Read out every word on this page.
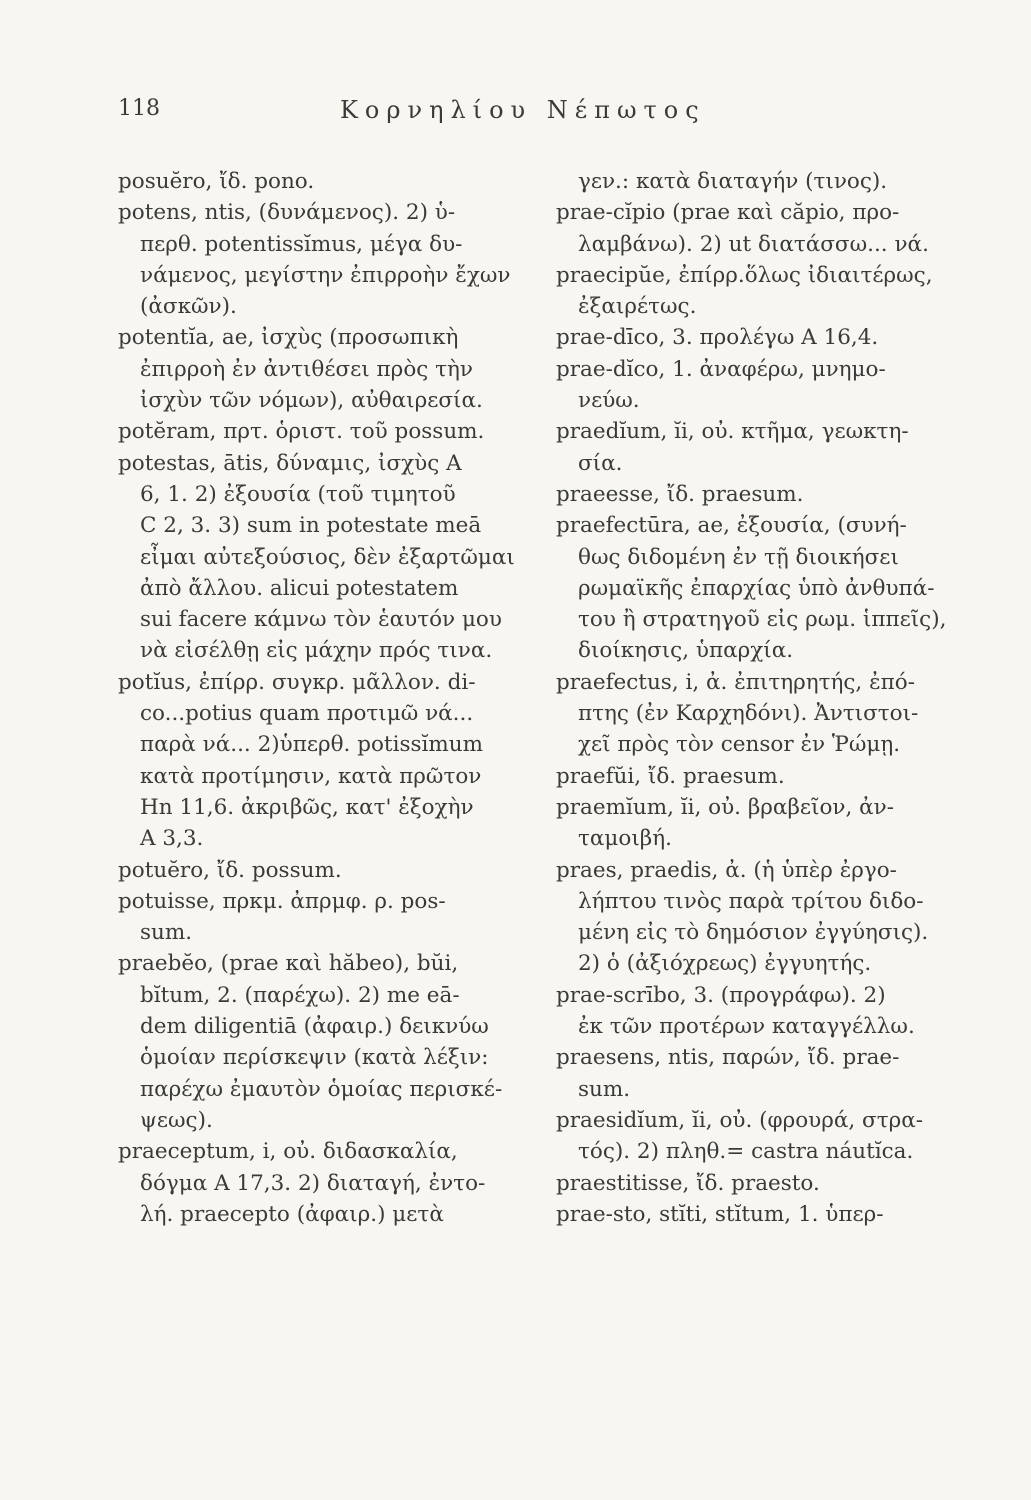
118	Κορνηλίου Νέπωτος
posuĕro, ἴδ. pono.
potens, ntis, (δυνάμενος). 2) ὑ-
περθ. potentissĭmus, μέγα δυ-
νάμενος, μεγίστην ἐπιρροὴν ἔχων
(ἀσκῶν).
potentĭa, ae, ἰσχὺς (προσωπικὴ
ἐπιρροὴ ἐν ἀντιθέσει πρὸς τὴν
ἰσχὺν τῶν νόμων), αὐθαιρεσία.
potĕram, πρτ. ὁριστ. τοῦ possum.
potestas, ātis, δύναμις, ἰσχὺς A
6, 1. 2) ἐξουσία (τοῦ τιμητοῦ
C 2, 3. 3) sum in potestate meā
εἶμαι αὐτεξούσιος, δὲν ἐξαρτῶμαι
ἀπὸ ἄλλου. alicui potestatem
sui facere κάμνω τὸν ἑαυτόν μου
νὰ εἰσέλθῃ εἰς μάχην πρός τινα.
potĭus, ἐπίρρ. συγκρ. μᾶλλον. di-
co...potius quam προτιμῶ νά...
παρὰ νά... 2)ὑπερθ. potissĭmum
κατὰ προτίμησιν, κατὰ πρῶτον
Hn 11,6. ἀκριβῶς, κατ' ἐξοχὴν
A 3,3.
potuĕro, ἴδ. possum.
potuisse, πρκμ. ἀπρμφ. ρ. pos-
sum.
praebĕo, (prae καὶ hăbeo), bŭi,
bĭtum, 2. (παρέχω). 2) me eā-
dem diligentiā (ἀφαιρ.) δεικνύω
ὁμοίαν περίσκεψιν (κατὰ λέξιν:
παρέχω ἐμαυτὸν ὁμοίας περισκέ-
ψεως).
praeceptum, i, οὐ. διδασκαλία,
δόγμα A 17,3. 2) διαταγή, ἐντο-
λή. praecepto (ἀφαιρ.) μετὰ
γεν.: κατὰ διαταγήν (τινος).
prae-cĭpio (prae καὶ căpio, προ-
λαμβάνω). 2) ut διατάσσω... νά.
praecipŭe, ἐπίρρ.ὅλως ἰδιαιτέρως,
ἐξαιρέτως.
prae-dīco, 3. προλέγω A 16,4.
prae-dĭco, 1. ἀναφέρω, μνημο-
νεύω.
praedĭum, ĭi, οὐ. κτῆμα, γεωκτη-
σία.
praeesse, ἴδ. praesum.
praefectūra, ae, ἐξουσία, (συνή-
θως διδομένη ἐν τῇ διοικήσει
ρωμαϊκῆς ἐπαρχίας ὑπὸ ἀνθυπά-
του ἢ στρατηγοῦ εἰς ρωμ. ἱππεῖς),
διοίκησις, ὑπαρχία.
praefectus, i, ἀ. ἐπιτηρητής, ἐπό-
πτης (ἐν Καρχηδόνι). Ἀντιστοι-
χεῖ πρὸς τὸν censor ἐν Ῥώμῃ.
praefŭi, ἴδ. praesum.
praemĭum, ĭi, οὐ. βραβεῖον, ἀν-
ταμοιβή.
praes, praedis, ἀ. (ἡ ὑπὲρ ἐργο-
λήπτου τινὸς παρὰ τρίτου διδο-
μένη εἰς τὸ δημόσιον ἐγγύησις).
2) ὁ (ἀξιόχρεως) ἐγγυητής.
prae-scrībo, 3. (προγράφω). 2)
ἐκ τῶν προτέρων καταγγέλλω.
praesens, ntis, παρών, ἴδ. prae-
sum.
praesidĭum, ĭi, οὐ. (φρουρά, στρα-
τός). 2) πληθ.= castra náutĭca.
praestitisse, ἴδ. praesto.
prae-sto, stĭti, stĭtum, 1. ὑπερ-
